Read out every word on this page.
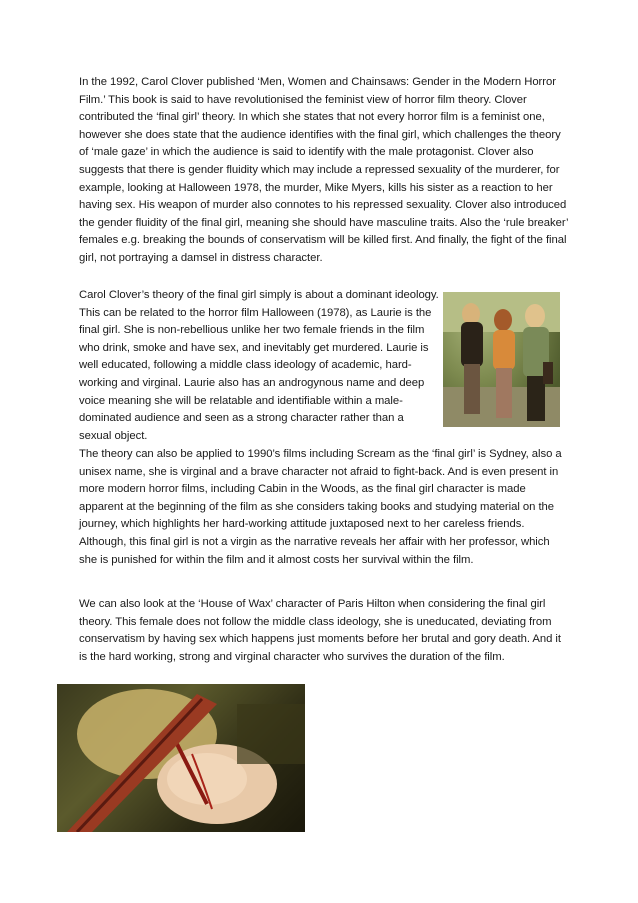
In the 1992, Carol Clover published ‘Men, Women and Chainsaws: Gender in the Modern Horror Film.’ This book is said to have revolutionised the feminist view of horror film theory. Clover contributed the ‘final girl’ theory. In which she states that not every horror film is a feminist one, however she does state that the audience identifies with the final girl, which challenges the theory of ‘male gaze’ in which the audience is said to identify with the male protagonist. Clover also suggests that there is gender fluidity which may include a repressed sexuality of the murderer, for example, looking at Halloween 1978, the murder, Mike Myers, kills his sister as a reaction to her having sex. His weapon of murder also connotes to his repressed sexuality. Clover also introduced the gender fluidity of the final girl, meaning she should have masculine traits. Also the ‘rule breaker’ females e.g. breaking the bounds of conservatism will be killed first. And finally, the fight of the final girl, not portraying a damsel in distress character.

Carol Clover’s theory of the final girl simply is about a dominant ideology. This can be related to the horror film Halloween (1978), as Laurie is the final girl. She is non-rebellious unlike her two female friends in the film who drink, smoke and have sex, and inevitably get murdered. Laurie is well educated, following a middle class ideology of academic, hard-working and virginal. Laurie also has an androgynous name and deep voice meaning she will be relatable and identifiable within a male- dominated audience and seen as a strong character rather than a sexual object.

The theory can also be applied to 1990’s films including Scream as the ‘final girl’ is Sydney, also a unisex name, she is virginal and a brave character not afraid to fight-back. And is even present in more modern horror films, including Cabin in the Woods, as the final girl character is made apparent at the beginning of the film as she considers taking books and studying material on the journey, which highlights her hard-working attitude juxtaposed next to her careless friends. Although, this final girl is not a virgin as the narrative reveals her affair with her professor, which she is punished for within the film and it almost costs her survival within the film.

We can also look at the ‘House of Wax’ character of Paris Hilton when considering the final girl theory. This female does not follow the middle class ideology, she is uneducated, deviating from conservatism by having sex which happens just moments before her brutal and gory death. And it is the hard working, strong and virginal character who survives the duration of the film.
